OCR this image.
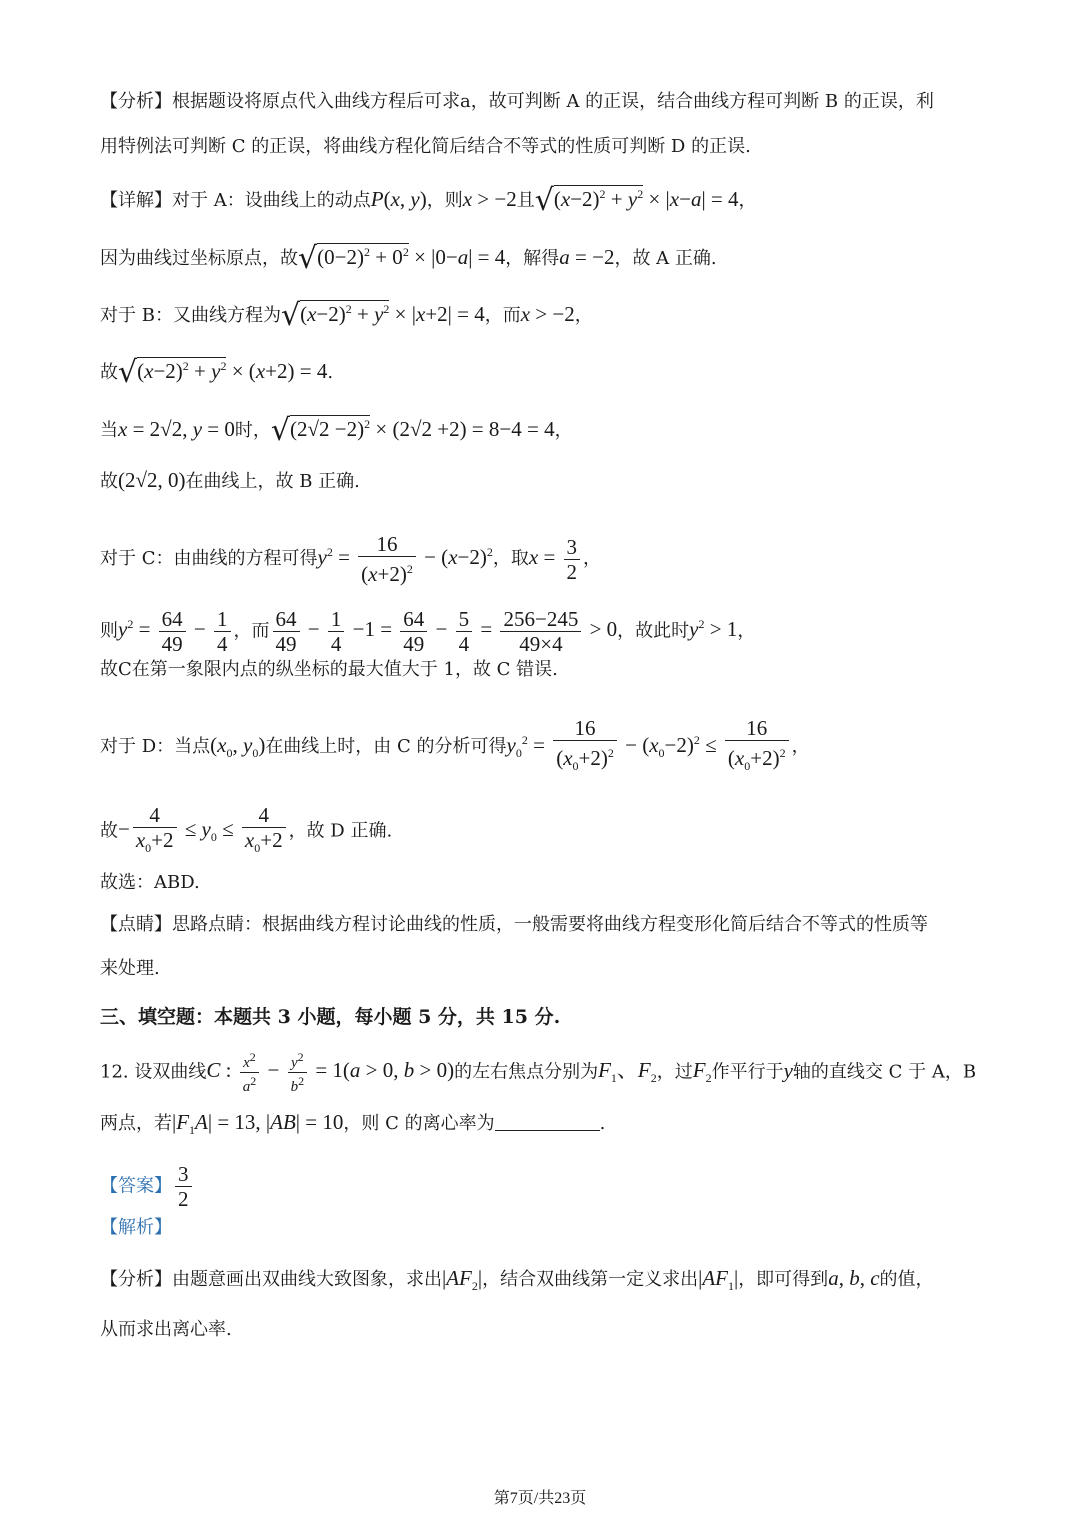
【分析】根据题设将原点代入曲线方程后可求a，故可判断 A 的正误，结合曲线方程可判断 B 的正误，利
用特例法可判断 C 的正误，将曲线方程化简后结合不等式的性质可判断 D 的正误.
【详解】对于 A：设曲线上的动点P(x, y)，则x > −2且$√(x-2)^2 + y^2 \times |x-a| = 4$，
因为曲线过坐标原点，故$√(0-2)^2 + 0^2 \times |0-a| = 4$，解得a = −2，故 A 正确.
对于 B：又曲线方程为$√(x-2)^2 + y^2 \times |x+2| = 4$，而x > −2，
故$√(x-2)^2 + y^2 \times (x+2) = 4$.
当x = 2√2, y = 0时，$√(2√2 -2)^2 \times (2√2 +2) = 8-4 = 4$，
故(2√2, 0)在曲线上，故 B 正确.
对于 C：由曲线的方程可得$y^2 = \frac{16}{(x+2)^2} - (x-2)^2$，取$x = \frac{3}{2}$ ，
则$y^2 = \frac{64}{49} - \frac{1}{4}$ ，而 $\frac{64}{49} - \frac{1}{4} -1 = \frac{64}{49} - \frac{5}{4} = \frac{256-245}{49\times 4} > 0$，故此时$y^2 > 1$，
故C在第一象限内点的纵坐标的最大值大于 1，故 C 错误.
对于 D：当点($x_0$, $y_0$)在曲线上时，由 C 的分析可得$y_0^2 = \frac{16}{(x_0+2)^2} - (x_0-2)^2 \le \frac{16}{(x_0+2)^2}$ ，
故− $\frac{4}{x_0+2} \le y_0 \le \frac{4}{x_0+2}$ ，故 D 正确.
故选：ABD.
【点睛】思路点睛：根据曲线方程讨论曲线的性质，一般需要将曲线方程变形化简后结合不等式的性质等
来处理.
三、填空题：本题共 3 小题，每小题 5 分，共 15 分.
12. 设双曲线C : $\frac{x^2}{a^2} - \frac{y^2}{b^2} = 1(a > 0$, b > 0)的左右焦点分别为$F_1$、$F_2$，过$F_2$作平行于y轴的直线交 C 于 A，B
两点，若$|F_1A| = 13$, |AB| = 10，则 C 的离心率为	.
【答案】 $\frac{3}{2}$
【解析】
【分析】由题意画出双曲线大致图象，求出$|AF_2|$，结合双曲线第一定义求出$|AF_1|$，即可得到a, b, c的值，
从而求出离心率.
第7页/共23页
